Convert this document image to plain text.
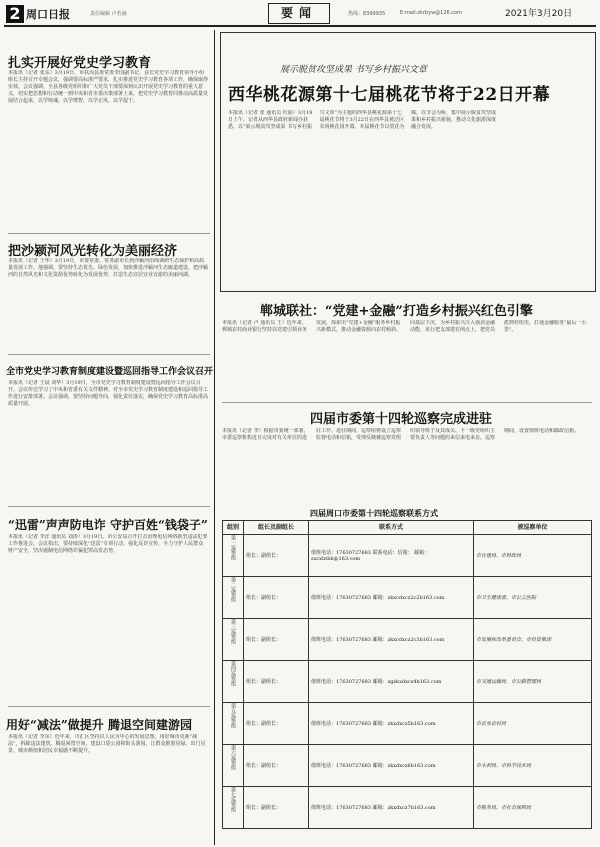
2 周口日报	责任编辑 卢若涵	要闻	热线：8399935	E-mail:zkrbyw@126.com	2021年3月20日
扎实开展好党史学习教育
本报讯（记者 张东）3月19日，市扶沟县委常委李国副书记，县长党史学习教育领导小组组长主持召开专题会议，强调要高标准严要求，扎实推进党史学习教育各项工作，确保取得实效。会议强调，全县各级党组织和广大党员干部要深刻认识开展党史学习教育的重大意义，切实把思想和行动统一到中央和省市委决策部署上来，把党史学习教育同推动高质量发展结合起来，以学铸魂、以学增智、以学正风、以学促干。
把沙颍河风光转化为美丽经济
本报讯（记者 王华）3月19日，市委常委、常务副市长到沙颍河沿线调研生态保护和高质量发展工作。他强调，要坚持生态优先、绿色发展，加快推进沙颍河生态廊道建设，把沙颍河的自然风光和文化资源优势转化为发展优势，打造生态宜居宜业宜游的美丽河湖。
全市党史学习教育制度建设暨巡回指导工作会议召开
本报讯（记者 王晨 刘华）3月19日，全市党史学习教育制度建设暨巡回指导工作会议召开。会议传达学习了中央和省委有关文件精神，对全市党史学习教育制度建设和巡回指导工作进行安排部署。会议强调，要坚持问题导向，强化责任落实，确保党史学习教育高标准高质量开展。
“迅雷”声声防电诈 守护百姓“钱袋子”
本报讯（记者 李洋 通讯员 刘涛）3月19日，市公安局召开打击治理电信网络新型违法犯罪工作推进会。会议指出，要持续深化“迅雷”专项行动，强化反诈宣传，全力守护人民群众财产安全，坚决遏制电信网络诈骗犯罪高发态势。
用好“减法”做提升 腾退空间建游园
本报讯（记者 李东）近年来，川汇区坚持以人民为中心的发展思想，用好城市更新“减法”，拆除违法建筑，腾退闲置空间，建设口袋公园和街头游园，让群众推窗见绿、出门见景，城市颜值和居民幸福感不断提升。
展示脱贫攻坚成果 书写乡村振兴文章
西华桃花源第十七届桃花节将于22日开幕
本报讯（记者 张 通讯员 杜丽）3月19日上午，记者从西华县政府新闻办获悉，以“展示脱贫攻坚成果 书写乡村振兴文章”为主题的西华县桃花源第十七届桃花节将于3月22日在西华县黄泛区农场桃花园开幕。本届桃花节以赏花为媒，以节会为桥，集中展示脱贫攻坚成果和乡村振兴新貌，推动文化旅游深度融合发展。
郸城联社：“党建+金融”打造乡村振兴红色引擎
本报讯（记者 卢 通讯员 王）近年来，郸城农村商业银行坚持以党建引领业务发展，探索出“党建+金融”服务乡村振兴新模式，推动金融资源向农村倾斜、向基层下沉，为乡村振兴注入强劲金融动能。该行把支部建在网点上，把党员派到村组里，打通金融服务“最后一公里”。
四届市委第十四轮巡察完成进驻
本报讯（记者 李）根据市委统一部署，市委巡察机构近日完成对有关单位的进驻工作。进驻期间，巡察组将设立巡察监督电话和信箱，受理反映被巡察党组织领导班子及其成员、下一级党组织主要负责人等问题的来信来电来访。巡察期间，设置值班电话和邮政信箱。
四届周口市委第十四轮巡察联系方式
组别	组长及副组长	联系方式	被巡察单位
第一巡察组	组长：副组长：	值班电话：17630727683 联系电话：信箱： 邮箱：sxcxhtbk@163.com	市住建局、市财政局
第二巡察组	组长：副组长：	值班电话：17630727683 邮箱：zkxcdxcz2c2b163.com	市卫生健康委、市公立医院
第三巡察组	组长：副组长：	值班电话：17630727683 邮箱：zkxcdxcz2c3b163.com	市发展和改革委员会、市投资集团
第四巡察组	组长：副组长：	值班电话：17630727683 邮箱：zgzkxdxcz4b163.com	市交通运输局、市公路管理局
第五巡察组	组长：副组长：	值班电话：17630727683 邮箱：zkxdxcz5b163.com	市农业农村局
第六巡察组	组长：副组长：	值班电话：17630727683 邮箱：zkxdxcz6b163.com	市水利局、市科学技术局
第七巡察组	组长：副组长：	值班电话：17630727683 邮箱：zkxdxcz7b163.com	市税务局、市社会保障局
